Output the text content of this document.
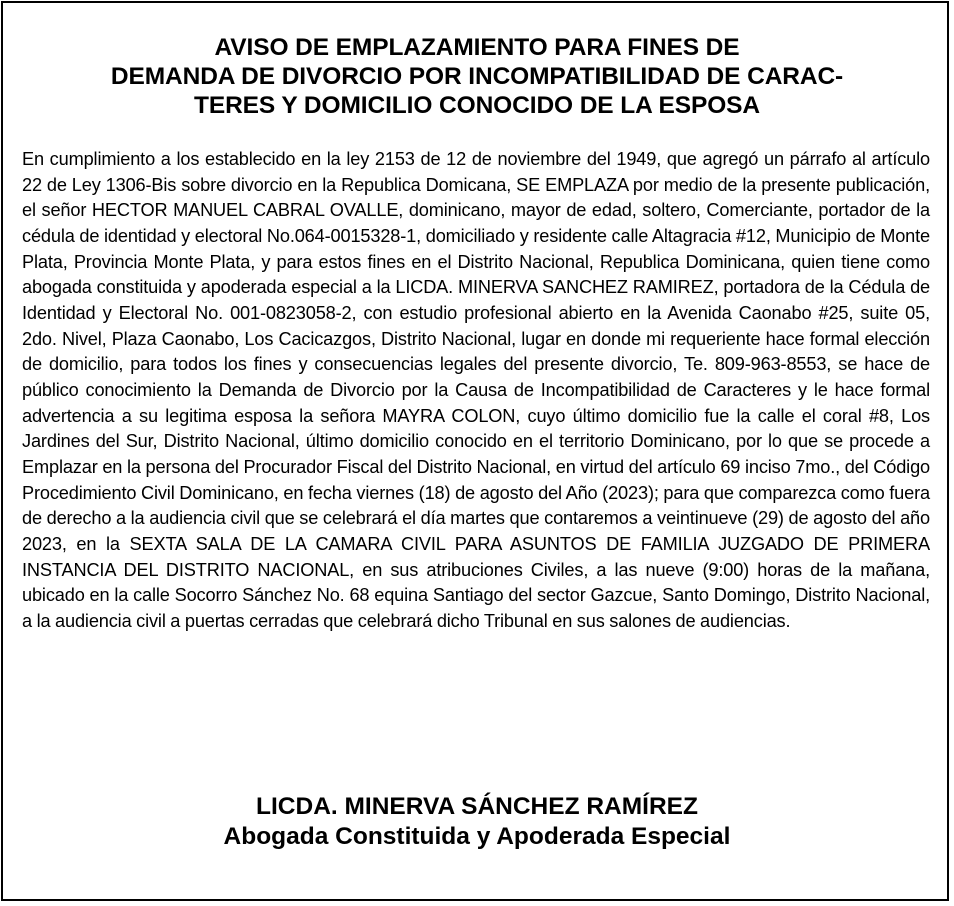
AVISO DE EMPLAZAMIENTO PARA FINES DE
DEMANDA DE DIVORCIO POR INCOMPATIBILIDAD DE CARAC-
TERES Y DOMICILIO CONOCIDO DE LA ESPOSA
En cumplimiento a los establecido en la ley 2153 de 12 de noviembre del 1949, que agregó un párrafo al artículo 22 de Ley 1306-Bis sobre divorcio en la Republica Domicana, SE EMPLAZA por medio de la presente publicación, el señor HECTOR MANUEL CABRAL OVALLE, dominicano, mayor de edad, soltero, Comerciante, portador de la cédula de identidad y electoral No.064-0015328-1, domiciliado y residente calle Altagracia #12, Municipio de Monte Plata, Provincia Monte Plata, y para estos fines en el Distrito Nacional, Republica Dominicana, quien tiene como abogada constituida y apoderada especial a la LICDA. MINERVA SANCHEZ RAMIREZ, portadora de la Cédula de Identidad y Electoral No. 001-0823058-2, con estudio profesional abierto en la Avenida Caonabo #25, suite 05, 2do. Nivel, Plaza Caonabo, Los Cacicazgos, Distrito Nacional, lugar en donde mi requeriente hace formal elección de domicilio, para todos los fines y consecuencias legales del presente divorcio, Te. 809-963-8553, se hace de público conocimiento la Demanda de Divorcio por la Causa de Incompatibilidad de Caracteres y le hace formal advertencia a su legitima esposa la señora MAYRA COLON, cuyo último domicilio fue la calle el coral #8, Los Jardines del Sur, Distrito Nacional, último domicilio conocido en el territorio Dominicano, por lo que se procede a Emplazar en la persona del Procurador Fiscal del Distrito Nacional, en virtud del artículo 69 inciso 7mo., del Código Procedimiento Civil Dominicano, en fecha viernes (18) de agosto del Año (2023); para que comparezca como fuera de derecho a la audiencia civil que se celebrará el día martes que contaremos a veintinueve (29) de agosto del año 2023, en la SEXTA SALA DE LA CAMARA CIVIL PARA ASUNTOS DE FAMILIA JUZGADO DE PRIMERA INSTANCIA DEL DISTRITO NACIONAL, en sus atribuciones Civiles, a las nueve (9:00) horas de la mañana, ubicado en la calle Socorro Sánchez No. 68 equina Santiago del sector Gazcue, Santo Domingo, Distrito Nacional, a la audiencia civil a puertas cerradas que celebrará dicho Tribunal en sus salones de audiencias.
LICDA. MINERVA SÁNCHEZ RAMÍREZ
Abogada Constituida y Apoderada Especial
